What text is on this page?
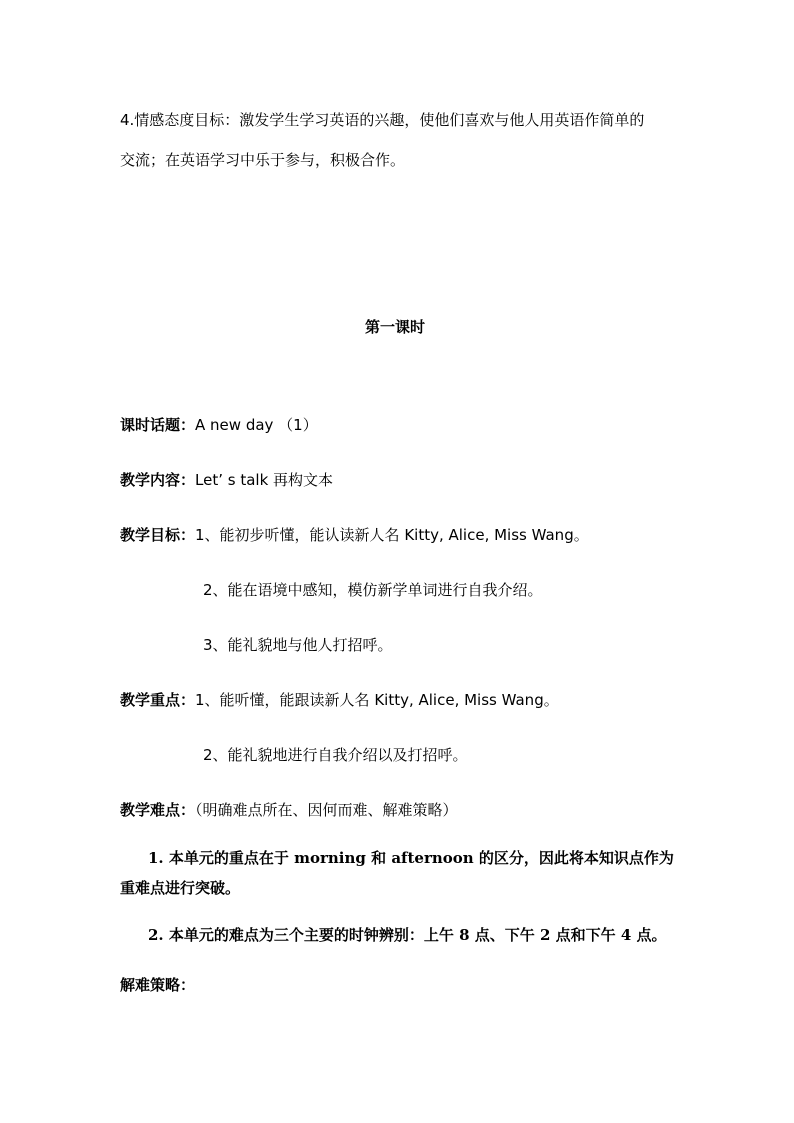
4.情感态度目标：激发学生学习英语的兴趣，使他们喜欢与他人用英语作简单的
交流；在英语学习中乐于参与，积极合作。
第一课时
课时话题：A new day （1）
教学内容：Let’ s talk 再构文本
教学目标：1、能初步听懂，能认读新人名 Kitty, Alice, Miss Wang。
2、能在语境中感知，模仿新学单词进行自我介绍。
3、能礼貌地与他人打招呼。
教学重点：1、能听懂，能跟读新人名 Kitty, Alice, Miss Wang。
2、能礼貌地进行自我介绍以及打招呼。
教学难点：（明确难点所在、因何而难、解难策略）
1. 本单元的重点在于 morning 和 afternoon 的区分，因此将本知识点作为
重难点进行突破。
2. 本单元的难点为三个主要的时钟辨别：上午 8 点、下午 2 点和下午 4 点。
解难策略：
